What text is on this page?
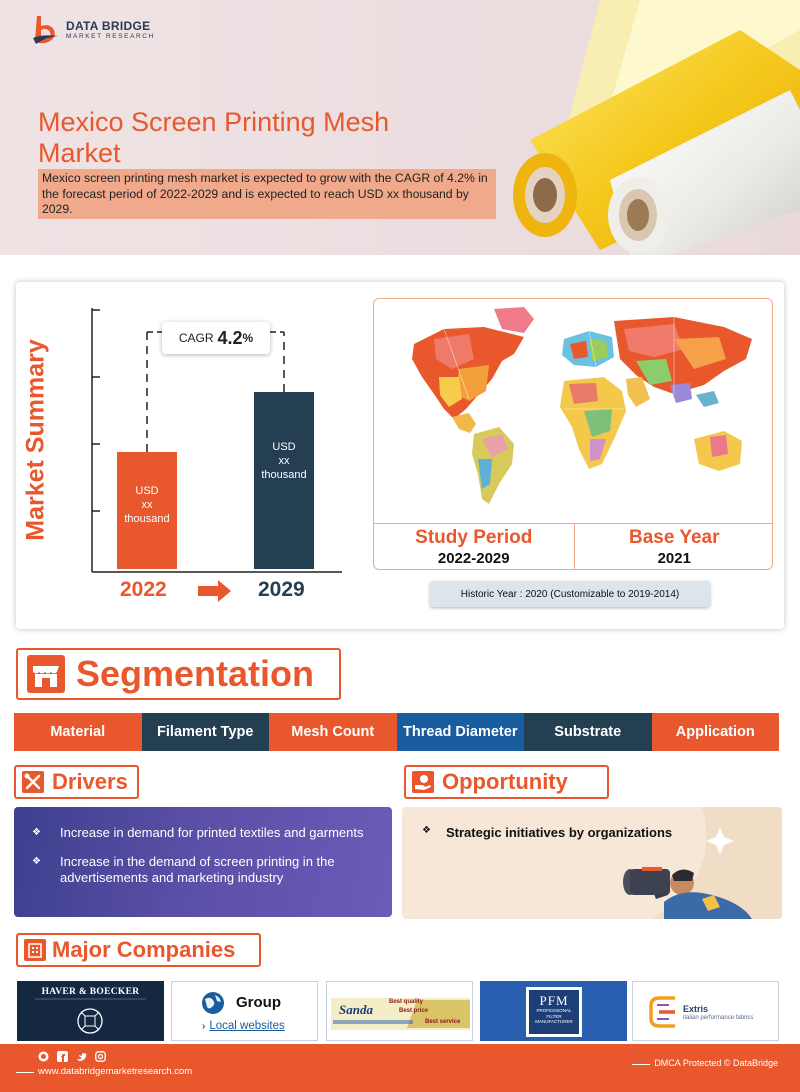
DATA BRIDGE
MARKET RESEARCH
Mexico Screen Printing Mesh Market

Mexico screen printing mesh market is expected to grow with the CAGR of 4.2% in the forecast period of 2022-2029 and is expected to reach USD xx thousand by 2029.

Market Summary	USD
xx
thousand
USD
xx
thousand
CAGR 4.2 %
2022	2029
Study Period
2022-2029
Base Year
2021
Historic Year : 2020 (Customizable to 2019-2014)
Segmentation
Material	Filament Type	Mesh Count	Thread Diameter	Substrate	Application
Drivers
❖	Increase in demand for printed textiles and garments
❖	Increase in the demand of screen printing in the advertisements and marketing industry
Opportunity
❖	Strategic initiatives by organizations
Major Companies
HAVER & BOECKER
Group
› Local websites
Sanda	Best quality
Best price
Best service
PFM
PROFESSIONAL FILTER MANUFACTURER
Extris
italian performance fabrics
www.databridgemarketresearch.com
DMCA Protected © DataBridge
